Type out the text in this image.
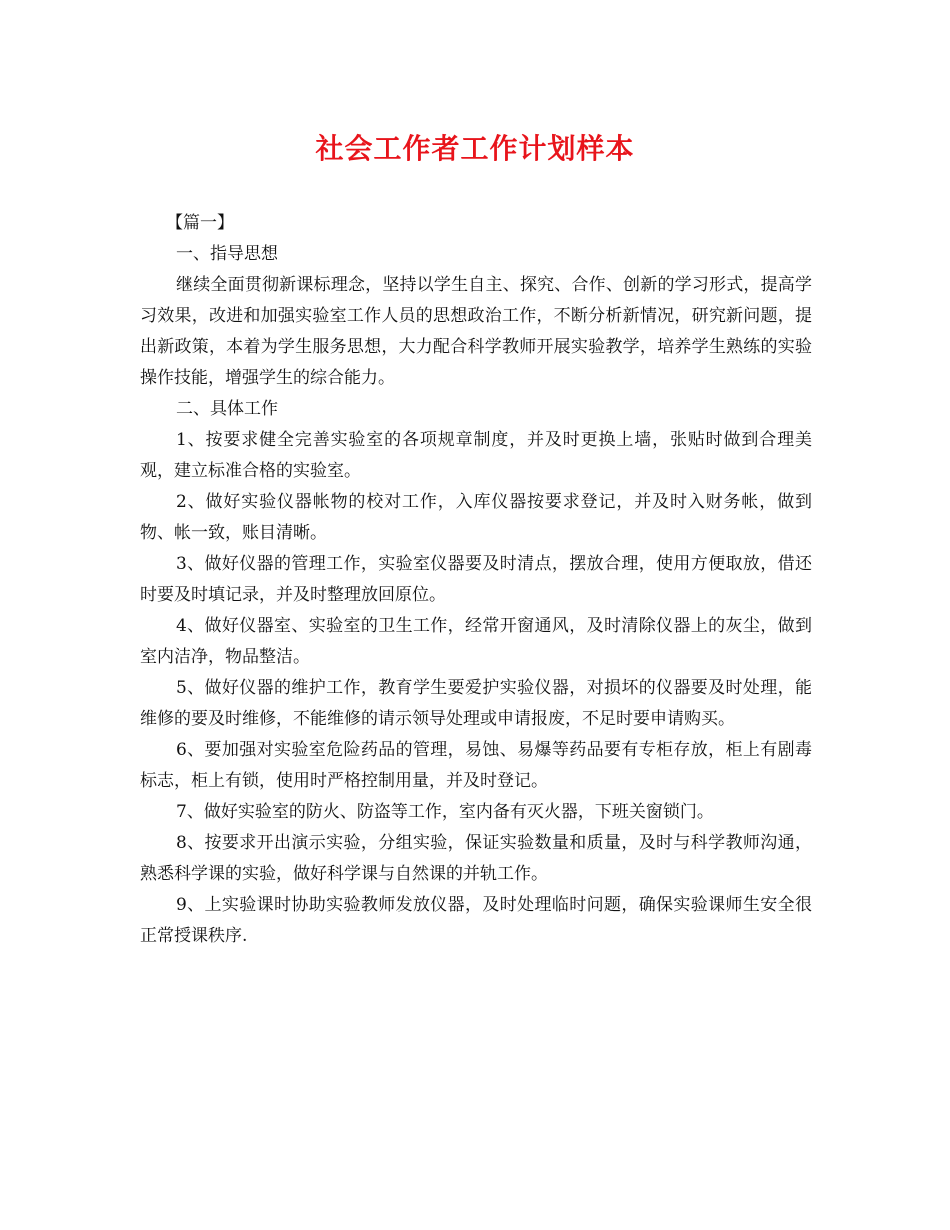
社会工作者工作计划样本

【篇一】

一、指导思想

继续全面贯彻新课标理念，坚持以学生自主、探究、合作、创新的学习形式，提高学习效果，改进和加强实验室工作人员的思想政治工作，不断分析新情况，研究新问题，提出新政策，本着为学生服务思想，大力配合科学教师开展实验教学，培养学生熟练的实验操作技能，增强学生的综合能力。

二、具体工作

1、按要求健全完善实验室的各项规章制度，并及时更换上墙，张贴时做到合理美观，建立标准合格的实验室。

2、做好实验仪器帐物的校对工作，入库仪器按要求登记，并及时入财务帐，做到物、帐一致，账目清晰。

3、做好仪器的管理工作，实验室仪器要及时清点，摆放合理，使用方便取放，借还时要及时填记录，并及时整理放回原位。

4、做好仪器室、实验室的卫生工作，经常开窗通风，及时清除仪器上的灰尘，做到室内洁净，物品整洁。

5、做好仪器的维护工作，教育学生要爱护实验仪器，对损坏的仪器要及时处理，能维修的要及时维修，不能维修的请示领导处理或申请报废，不足时要申请购买。

6、要加强对实验室危险药品的管理，易蚀、易爆等药品要有专柜存放，柜上有剧毒标志，柜上有锁，使用时严格控制用量，并及时登记。

7、做好实验室的防火、防盗等工作，室内备有灭火器，下班关窗锁门。

8、按要求开出演示实验，分组实验，保证实验数量和质量，及时与科学教师沟通，熟悉科学课的实验，做好科学课与自然课的并轨工作。

9、上实验课时协助实验教师发放仪器，及时处理临时问题，确保实验课师生安全很正常授课秩序.
